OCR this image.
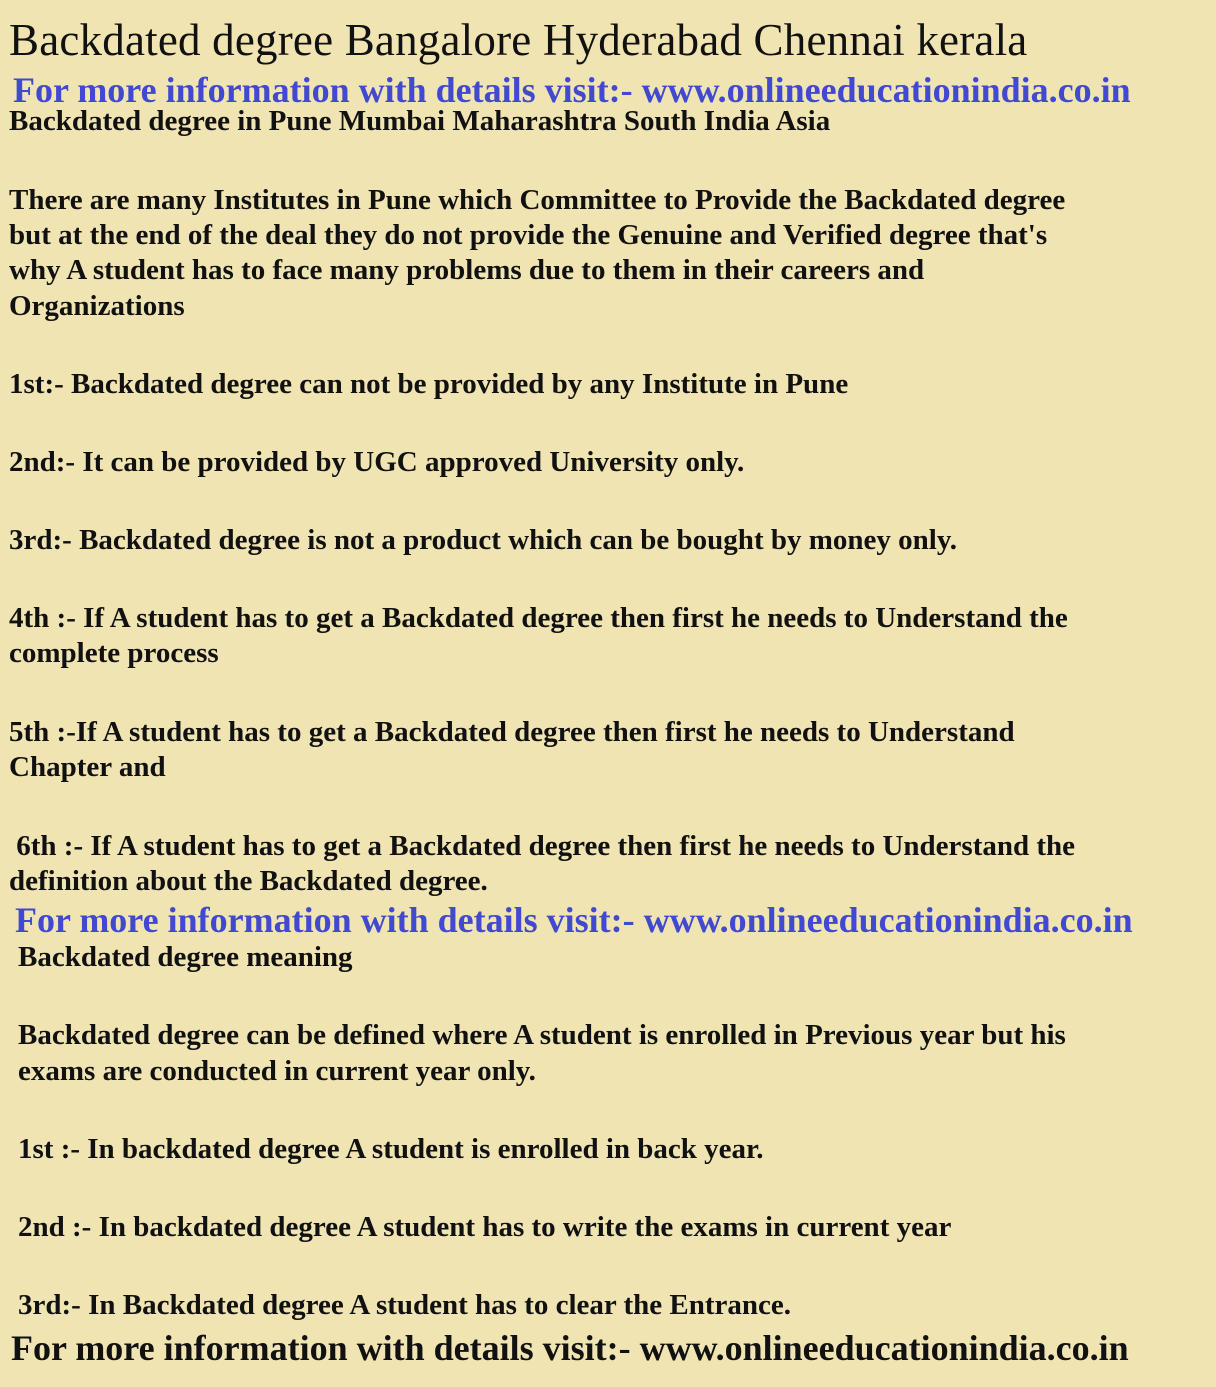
Backdated degree Bangalore Hyderabad Chennai kerala
For more information with details visit:- www.onlineeducationindia.co.in
Backdated degree in Pune Mumbai Maharashtra South India Asia
There are many Institutes in Pune which Committee to Provide the Backdated degree
but at the end of the deal they do not provide the Genuine and Verified degree that's
why A student has to face many problems due to them in their careers and
Organizations
1st:- Backdated degree can not be provided by any Institute in Pune
2nd:- It can be provided by UGC approved University only.
3rd:- Backdated degree is not a product which can be bought by money only.
4th :- If A student has to get a Backdated degree then first he needs to Understand the
complete process
5th :-If A student has to get a Backdated degree then first he needs to Understand
Chapter and
6th :- If A student has to get a Backdated degree then first he needs to Understand the
definition about the Backdated degree.
For more information with details visit:- www.onlineeducationindia.co.in
Backdated degree meaning
Backdated degree can be defined where A student is enrolled in Previous year but his
exams are conducted in current year only.
1st :- In backdated degree A student is enrolled in back year.
2nd :- In backdated degree A student has to write the exams in current year
3rd:- In Backdated degree A student has to clear the Entrance.
For more information with details visit:- www.onlineeducationindia.co.in
